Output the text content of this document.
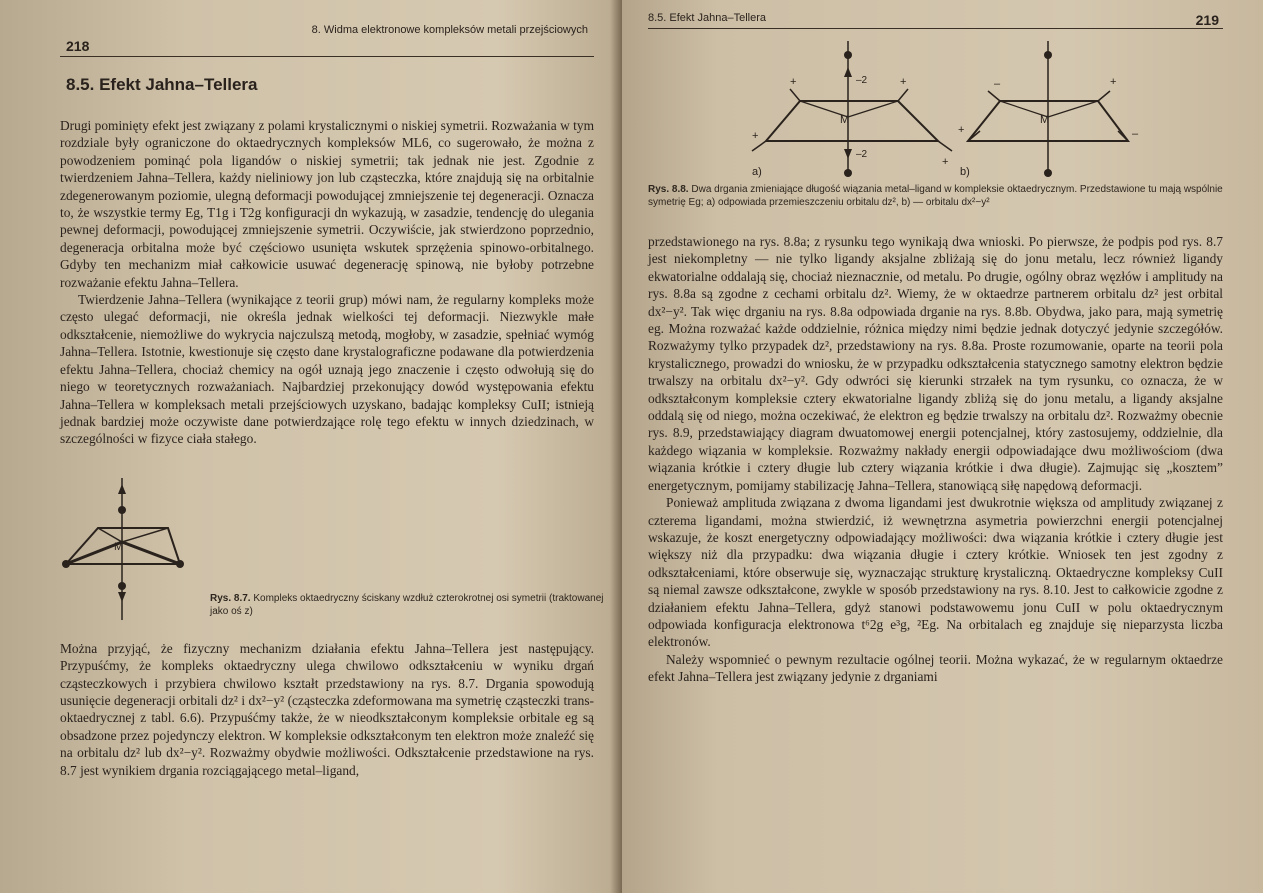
218
8. Widma elektronowe kompleksów metali przejściowych
8.5. Efekt Jahna–Tellera

Drugi pominięty efekt jest związany z polami krystalicznymi o niskiej symetrii. Rozważania w tym rozdziale były ograniczone do oktaedrycznych kompleksów ML6, co sugerowało, że można z powodzeniem pominąć pola ligandów o niskiej symetrii; tak jednak nie jest. Zgodnie z twierdzeniem Jahna–Tellera, każdy nieliniowy jon lub cząsteczka, które znajdują się na orbitalnie zdegenerowanym poziomie, ulegną deformacji powodującej zmniejszenie tej degeneracji. Oznacza to, że wszystkie termy Eg, T1g i T2g konfiguracji dn wykazują, w zasadzie, tendencję do ulegania pewnej deformacji, powodującej zmniejszenie symetrii. Oczywiście, jak stwierdzono poprzednio, degeneracja orbitalna może być częściowo usunięta wskutek sprzężenia spinowo-orbitalnego. Gdyby ten mechanizm miał całkowicie usuwać degenerację spinową, nie byłoby potrzebne rozważanie efektu Jahna–Tellera.

Twierdzenie Jahna–Tellera (wynikające z teorii grup) mówi nam, że regularny kompleks może często ulegać deformacji, nie określa jednak wielkości tej deformacji. Niezwykle małe odkształcenie, niemożliwe do wykrycia najczulszą metodą, mogłoby, w zasadzie, spełniać wymóg Jahna–Tellera. Istotnie, kwestionuje się często dane krystalograficzne podawane dla potwierdzenia efektu Jahna–Tellera, chociaż chemicy na ogół uznają jego znaczenie i często odwołują się do niego w teoretycznych rozważaniach. Najbardziej przekonujący dowód występowania efektu Jahna–Tellera w kompleksach metali przejściowych uzyskano, badając kompleksy CuII; istnieją jednak bardziej może oczywiste dane potwierdzające rolę tego efektu w innych dziedzinach, w szczególności w fizyce ciała stałego.

M
Rys. 8.7. Kompleks oktaedryczny ściskany wzdłuż czterokrotnej osi symetrii (traktowanej jako oś z)

Można przyjąć, że fizyczny mechanizm działania efektu Jahna–Tellera jest następujący. Przypuśćmy, że kompleks oktaedryczny ulega chwilowo odkształceniu w wyniku drgań cząsteczkowych i przybiera chwilowo kształt przedstawiony na rys. 8.7. Drgania spowodują usunięcie degeneracji orbitali dz² i dx²−y² (cząsteczka zdeformowana ma symetrię cząsteczki trans-oktaedrycznej z tabl. 6.6). Przypuśćmy także, że w nieodkształconym kompleksie orbitale eg są obsadzone przez pojedynczy elektron. W kompleksie odkształconym ten elektron może znaleźć się na orbitalu dz² lub dx²−y². Rozważmy obydwie możliwości. Odkształcenie przedstawione na rys. 8.7 jest wynikiem drgania rozciągającego metal–ligand,

8.5. Efekt Jahna–Tellera	219
M
–2
–2
+	+
+
+
a)
M
–	+
+	–
b)
Rys. 8.8. Dwa drgania zmieniające długość wiązania metal–ligand w kompleksie oktaedrycznym. Przedstawione tu mają wspólnie symetrię Eg; a) odpowiada przemieszczeniu orbitalu dz², b) — orbitalu dx²−y²

przedstawionego na rys. 8.8a; z rysunku tego wynikają dwa wnioski. Po pierwsze, że podpis pod rys. 8.7 jest niekompletny — nie tylko ligandy aksjalne zbliżają się do jonu metalu, lecz również ligandy ekwatorialne oddalają się, chociaż nieznacznie, od metalu. Po drugie, ogólny obraz węzłów i amplitudy na rys. 8.8a są zgodne z cechami orbitalu dz². Wiemy, że w oktaedrze partnerem orbitalu dz² jest orbital dx²−y². Tak więc drganiu na rys. 8.8a odpowiada drganie na rys. 8.8b. Obydwa, jako para, mają symetrię eg. Można rozważać każde oddzielnie, różnica między nimi będzie jednak dotyczyć jedynie szczegółów. Rozważymy tylko przypadek dz², przedstawiony na rys. 8.8a. Proste rozumowanie, oparte na teorii pola krystalicznego, prowadzi do wniosku, że w przypadku odkształcenia statycznego samotny elektron będzie trwalszy na orbitalu dx²−y². Gdy odwróci się kierunki strzałek na tym rysunku, co oznacza, że w odkształconym kompleksie cztery ekwatorialne ligandy zbliżą się do jonu metalu, a ligandy aksjalne oddalą się od niego, można oczekiwać, że elektron eg będzie trwalszy na orbitalu dz². Rozważmy obecnie rys. 8.9, przedstawiający diagram dwuatomowej energii potencjalnej, który zastosujemy, oddzielnie, dla każdego wiązania w kompleksie. Rozważmy nakłady energii odpowiadające dwu możliwościom (dwa wiązania krótkie i cztery długie lub cztery wiązania krótkie i dwa długie). Zajmując się „kosztem” energetycznym, pomijamy stabilizację Jahna–Tellera, stanowiącą siłę napędową deformacji.

Ponieważ amplituda związana z dwoma ligandami jest dwukrotnie większa od amplitudy związanej z czterema ligandami, można stwierdzić, iż wewnętrzna asymetria powierzchni energii potencjalnej wskazuje, że koszt energetyczny odpowiadający możliwości: dwa wiązania krótkie i cztery długie jest większy niż dla przypadku: dwa wiązania długie i cztery krótkie. Wniosek ten jest zgodny z odkształceniami, które obserwuje się, wyznaczając strukturę krystaliczną. Oktaedryczne kompleksy CuII są niemal zawsze odkształcone, zwykle w sposób przedstawiony na rys. 8.10. Jest to całkowicie zgodne z działaniem efektu Jahna–Tellera, gdyż stanowi podstawowemu jonu CuII w polu oktaedrycznym odpowiada konfiguracja elektronowa t⁶2g e³g, ²Eg. Na orbitalach eg znajduje się nieparzysta liczba elektronów.

Należy wspomnieć o pewnym rezultacie ogólnej teorii. Można wykazać, że w regularnym oktaedrze efekt Jahna–Tellera jest związany jedynie z drganiami
